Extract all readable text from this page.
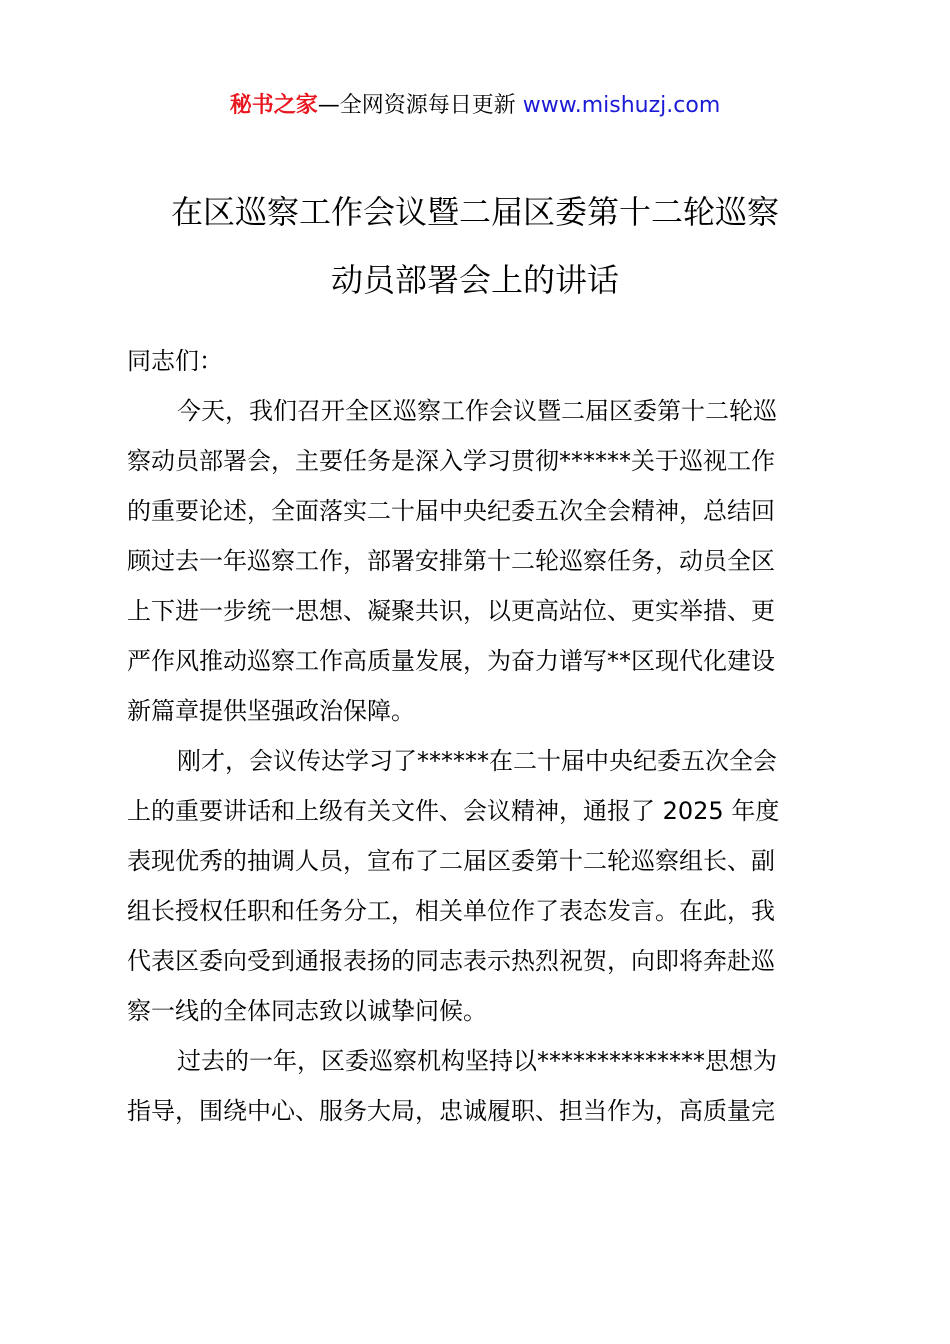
秘书之家—全网资源每日更新 www.mishuzj.com
在区巡察工作会议暨二届区委第十二轮巡察
动员部署会上的讲话
同志们：
今天，我们召开全区巡察工作会议暨二届区委第十二轮巡
察动员部署会，主要任务是深入学习贯彻******关于巡视工作
的重要论述，全面落实二十届中央纪委五次全会精神，总结回
顾过去一年巡察工作，部署安排第十二轮巡察任务，动员全区
上下进一步统一思想、凝聚共识，以更高站位、更实举措、更
严作风推动巡察工作高质量发展，为奋力谱写**区现代化建设
新篇章提供坚强政治保障。
刚才，会议传达学习了******在二十届中央纪委五次全会
上的重要讲话和上级有关文件、会议精神，通报了 2025 年度
表现优秀的抽调人员，宣布了二届区委第十二轮巡察组长、副
组长授权任职和任务分工，相关单位作了表态发言。在此，我
代表区委向受到通报表扬的同志表示热烈祝贺，向即将奔赴巡
察一线的全体同志致以诚挚问候。
过去的一年，区委巡察机构坚持以**************思想为
指导，围绕中心、服务大局，忠诚履职、担当作为，高质量完
